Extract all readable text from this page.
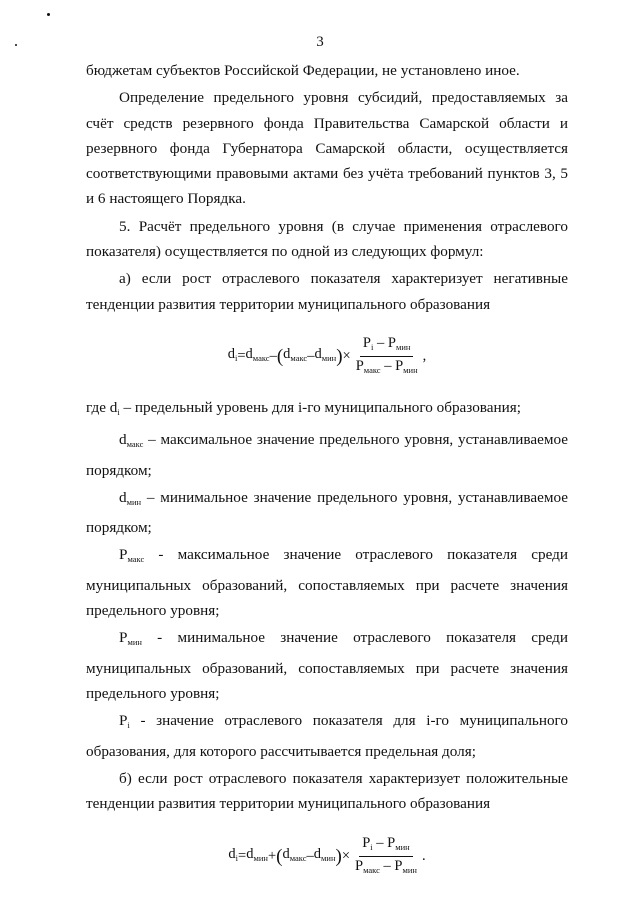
3

бюджетам субъектов Российской Федерации, не установлено иное.

Определение предельного уровня субсидий, предоставляемых за счёт средств резервного фонда Правительства Самарской области и резервного фонда Губернатора Самарской области, осуществляется соответствующими правовыми актами без учёта требований пунктов 3, 5 и 6 настоящего Порядка.

5. Расчёт предельного уровня (в случае применения отраслевого показателя) осуществляется по одной из следующих формул:

а) если рост отраслевого показателя характеризует негативные тенденции развития территории муниципального образования

$d_i = d_{макс}$ – ( $d_{макс} - d_{мин}$ ) × $\frac{P_i - P_{мин}}{P_{макс} - P_{мин}}$ ,

где $d_i$ – предельный уровень для i-го муниципального образования;

$d_{макс}$ – максимальное значение предельного уровня, устанавливаемое порядком;

$d_{мин}$ – минимальное значение предельного уровня, устанавливаемое порядком;

$P_{макс}$ - максимальное значение отраслевого показателя среди муниципальных образований, сопоставляемых при расчете значения предельного уровня;

$P_{мин}$ - минимальное значение отраслевого показателя среди муниципальных образований, сопоставляемых при расчете значения предельного уровня;

$P_i$ - значение отраслевого показателя для i-го муниципального образования, для которого рассчитывается предельная доля;

б) если рост отраслевого показателя характеризует положительные тенденции развития территории муниципального образования

$d_i = d_{мин}$ + ( $d_{макс} - d_{мин}$ ) × $\frac{P_i - P_{мин}}{P_{макс} - P_{мин}}$ .
